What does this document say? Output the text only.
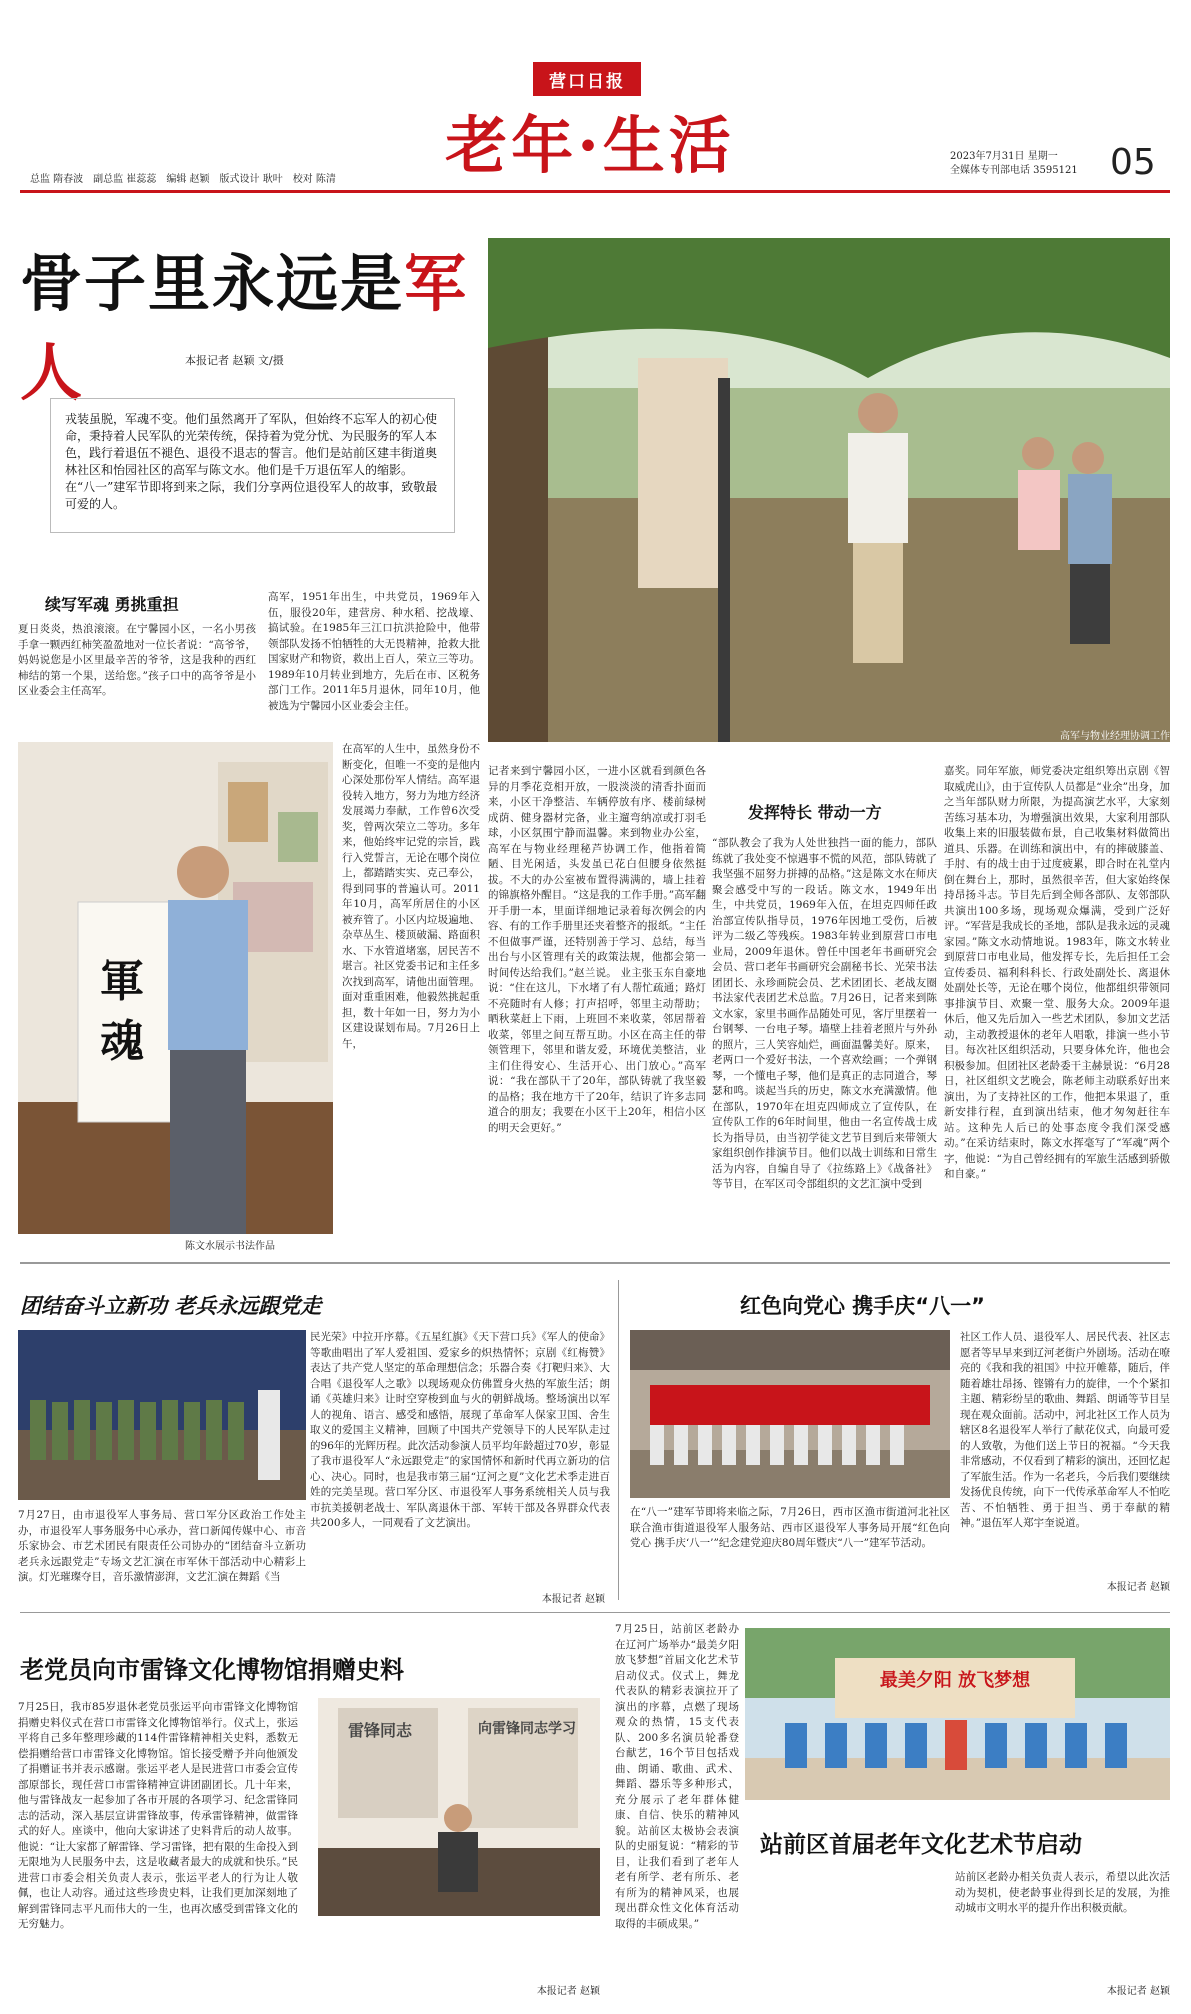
营口日报
老年·生活
总监 隋春波　副总监 崔蕊蕊　编辑 赵颖　版式设计 耿叶　校对 陈清
2023年7月31日 星期一
全媒体专刊部电话 3595121 05
骨子里永远是军人	本报记者 赵颖 文/摄
戎装虽脱，军魂不变。他们虽然离开了军队，但始终不忘军人的初心使命，秉持着人民军队的光荣传统，保持着为党分忧、为民服务的军人本色，践行着退伍不褪色、退役不退志的誓言。他们是站前区建丰街道奥林社区和怡园社区的高军与陈文水。他们是千万退伍军人的缩影。在“八一”建军节即将到来之际，我们分享两位退役军人的故事，致敬最可爱的人。
高军与物业经理协调工作
续写军魂 勇挑重担
夏日炎炎，热浪滚滚。在宁馨园小区，一名小男孩手拿一颗西红柿笑盈盈地对一位长者说：“高爷爷，妈妈说您是小区里最辛苦的爷爷，这是我种的西红柿结的第一个果，送给您。”孩子口中的高爷爷是小区业委会主任高军。
高军，1951年出生，中共党员，1969年入伍，服役20年，建营房、种水稻、挖战壕、搞试验。在1985年三江口抗洪抢险中，他带领部队发扬不怕牺牲的大无畏精神，抢救大批国家财产和物资，救出上百人，荣立三等功。1989年10月转业到地方，先后在市、区税务部门工作。2011年5月退休，同年10月，他被选为宁馨园小区业委会主任。
軍魂
陈文水展示书法作品
在高军的人生中，虽然身份不断变化，但唯一不变的是他内心深处那份军人情结。高军退役转入地方，努力为地方经济发展竭力奉献，工作曾6次受奖，曾两次荣立二等功。多年来，他始终牢记党的宗旨，践行入党誓言，无论在哪个岗位上，都踏踏实实、克己奉公，得到同事的普遍认可。2011年10月，高军所居住的小区被弃管了。小区内垃圾遍地、杂草丛生、楼顶破漏、路面积水、下水管道堵塞，居民苦不堪言。社区党委书记和主任多次找到高军，请他出面管理。面对重重困难，他毅然挑起重担，数十年如一日，努力为小区建设谋划布局。7月26日上午，
记者来到宁馨园小区，一进小区就看到颜色各异的月季花竞相开放，一股淡淡的清香扑面而来，小区干净整洁、车辆停放有序、楼前绿树成荫、健身器材完备，业主遛弯纳凉或打羽毛球，小区氛围宁静而温馨。来到物业办公室，高军在与物业经理秘芦协调工作，他指着简陋、目光闲适，头发虽已花白但腰身依然挺拔。不大的办公室被布置得满满的，墙上挂着的锦旗格外醒目。“这是我的工作手册。”高军翻开手册一本，里面详细地记录着每次例会的内容、有的工作手册里还夹着整齐的报纸。“主任不但做事严谨，还特别善于学习、总结，每当出台与小区管理有关的政策法规，他都会第一时间传达给我们。”赵兰说。 业主张玉东自豪地说：“住在这儿，下水堵了有人帮忙疏通；路灯不亮随时有人修；打声招呼，邻里主动帮助；晒秋菜赶上下雨，上班回不来收菜，邻居帮着收菜，邻里之间互帮互助。小区在高主任的带领管理下，邻里和谐友爱，环境优美整洁，业主们住得安心、生活开心、出门放心。”高军说：“我在部队干了20年，部队铸就了我坚毅的品格；我在地方干了20年，结识了许多志同道合的朋友；我要在小区干上20年，相信小区的明天会更好。”
发挥特长 带动一方
“部队教会了我为人处世独挡一面的能力，部队练就了我处变不惊遇事不慌的风范，部队铸就了我坚强不屈努力拼搏的品格。”这是陈文水在师庆聚会感受中写的一段话。陈文水，1949年出生，中共党员，1969年入伍，在坦克四师任政治部宣传队指导员，1976年因地工受伤，后被评为二级乙等残疾。1983年转业到原营口市电业局，2009年退休。曾任中国老年书画研究会会员、营口老年书画研究会副秘书长、光荣书法团团长、永珍画院会员、艺术团团长、老战友圈书法家代表团艺术总监。7月26日，记者来到陈文水家，家里书画作品随处可见，客厅里摆着一台钢琴、一台电子琴。墙壁上挂着老照片与外孙的照片，三人笑容灿烂，画面温馨美好。原来，老两口一个爱好书法，一个喜欢绘画；一个弹钢琴，一个懂电子琴，他们是真正的志同道合，琴瑟和鸣。谈起当兵的历史，陈文水充满激情。他在部队，1970年在坦克四师成立了宣传队，在宣传队工作的6年时间里，他由一名宣传战士成长为指导员，由当初学徒文艺节目到后来带领大家组织创作排演节目。他们以战士训练和日常生活为内容，自编自导了《拉练路上》《战备社》等节目，在军区司令部组织的文艺汇演中受到
嘉奖。同年军旅，师党委决定组织筹出京剧《智取威虎山》，由于宣传队人员都是“业余”出身，加之当年部队财力所限，为提高演艺水平，大家刻苦练习基本功，为增强演出效果，大家利用部队收集上来的旧服装做布景，自己收集材料做简出道具、乐器。在训练和演出中，有的摔破膝盖、手肘、有的战士由于过度疲累，即合时在礼堂内倒在舞台上，那时，虽然很辛苦，但大家始终保持昂扬斗志。节目先后到全师各部队、友邻部队共演出100多场，现场观众爆满，受到广泛好评。“军营是我成长的圣地，部队是我永远的灵魂家园。”陈文水动情地说。1983年，陈文水转业到原营口市电业局，他发挥专长，先后担任工会宣传委员、福利科科长、行政处副处长、离退休处副处长等，无论在哪个岗位，他都组织带领同事排演节目、欢聚一堂、服务大众。2009年退休后，他又先后加入一些艺术团队，参加文艺活动，主动教授退休的老年人唱歌，排演一些小节目。每次社区组织活动，只要身体允许，他也会积极参加。但团社区老龄委干主赫景说：“6月28日，社区组织文艺晚会，陈老师主动联系好出来演出，为了支持社区的工作，他把本果退了，重新安排行程，直到演出结束，他才匆匆赶往车站。这种先人后已的处事态度令我们深受感动。”在采访结束时，陈文水挥毫写了“军魂”两个字，他说：“为自己曾经拥有的军旅生活感到骄傲和自豪。”
团结奋斗立新功 老兵永远跟党走
民光荣》中拉开序幕。《五星红旗》《天下营口兵》《军人的使命》等歌曲唱出了军人爱祖国、爱家乡的炽热情怀；京剧《红梅赞》表达了共产党人坚定的革命理想信念；乐器合奏《打靶归来》、大合唱《退役军人之歌》以现场观众仿佛置身火热的军旅生活；朗诵《英雄归来》让时空穿梭到血与火的朝鲜战场。整场演出以军人的视角、语言、感受和感悟，展现了革命军人保家卫国、舍生取义的爱国主义精神，回顾了中国共产党领导下的人民军队走过的96年的光辉历程。此次活动参演人员平均年龄超过70岁，彰显了我市退役军人“永远跟党走”的家国情怀和新时代再立新功的信心、决心。同时，也是我市第三届“辽河之夏”文化艺术季走进百姓的完美呈现。营口军分区、市退役军人事务系统相关人员与我市抗美援朝老战士、军队离退休干部、军转干部及各界群众代表共200多人，一同观看了文艺演出。
7月27日，由市退役军人事务局、营口军分区政治工作处主办，市退役军人事务服务中心承办，营口新闻传媒中心、市音乐家协会、市艺术团民有限责任公司协办的“团结奋斗立新功 老兵永远跟党走”专场文艺汇演在市军休干部活动中心精彩上演。灯光璀璨夺目，音乐激情澎湃，文艺汇演在舞蹈《当
本报记者 赵颖
红色向党心 携手庆“八一”
社区工作人员、退役军人、居民代表、社区志愿者等早早来到辽河老街户外剧场。活动在嘹亮的《我和我的祖国》中拉开帷幕，随后，伴随着雄壮昂扬、铿锵有力的旋律，一个个紧扣主题、精彩纷呈的歌曲、舞蹈、朗诵等节目呈现在观众面前。活动中，河北社区工作人员为辖区8名退役军人举行了献花仪式，向最可爱的人致敬，为他们送上节日的祝福。“今天我非常感动，不仅看到了精彩的演出，还回忆起了军旅生活。作为一名老兵，今后我们要继续发扬优良传统，向下一代传承革命军人不怕吃苦、不怕牺牲、勇于担当、勇于奉献的精神。”退伍军人郑宇奎说道。
在“八一”建军节即将来临之际，7月26日，西市区渔市街道河北社区联合渔市街道退役军人服务站、西市区退役军人事务局开展“红色向党心 携手庆‘八一’”纪念建党迎庆80周年暨庆“八一”建军节活动。
本报记者 赵颖
老党员向市雷锋文化博物馆捐赠史料
7月25日，我市85岁退休老党员张运平向市雷锋文化博物馆捐赠史料仪式在营口市雷锋文化博物馆举行。仪式上，张运平将自己多年整理珍藏的114件雷锋精神相关史料，悉数无偿捐赠给营口市雷锋文化博物馆。馆长接受赠予并向他颁发了捐赠证书并表示感谢。张运平老人是民进营口市委会宣传部原部长，现任营口市雷锋精神宣讲团副团长。几十年来，他与雷锋战友一起参加了各市开展的各项学习、纪念雷锋同志的活动，深入基层宣讲雷锋故事，传承雷锋精神，做雷锋式的好人。座谈中，他向大家讲述了史料背后的动人故事。他说：“让大家都了解雷锋、学习雷锋，把有限的生命投入到无限地为人民服务中去，这是收藏者最大的成就和快乐。”民进营口市委会相关负责人表示，张运平老人的行为让人敬佩，也让人动容。通过这些珍贵史料，让我们更加深刻地了解到雷锋同志平凡而伟大的一生，也再次感受到雷锋文化的无穷魅力。
雷锋同志	向雷锋同志学习
本报记者 赵颖
7月25日，站前区老龄办在辽河广场举办“最美夕阳 放飞梦想”首届文化艺术节启动仪式。仪式上，舞龙代表队的精彩表演拉开了演出的序幕，点燃了现场观众的热情，15支代表队、200多名演员轮番登台献艺，16个节目包括戏曲、朗诵、歌曲、武术、舞蹈、器乐等多种形式，充分展示了老年群体健康、自信、快乐的精神风貌。站前区太极协会表演队的史丽复说：“精彩的节目，让我们看到了老年人老有所学、老有所乐、老有所为的精神风采，也展现出群众性文化体育活动取得的丰硕成果。”
最美夕阳 放飞梦想
站前区首届老年文化艺术节启动
站前区老龄办相关负责人表示，希望以此次活动为契机，使老龄事业得到长足的发展，为推动城市文明水平的提升作出积极贡献。
本报记者 赵颖
